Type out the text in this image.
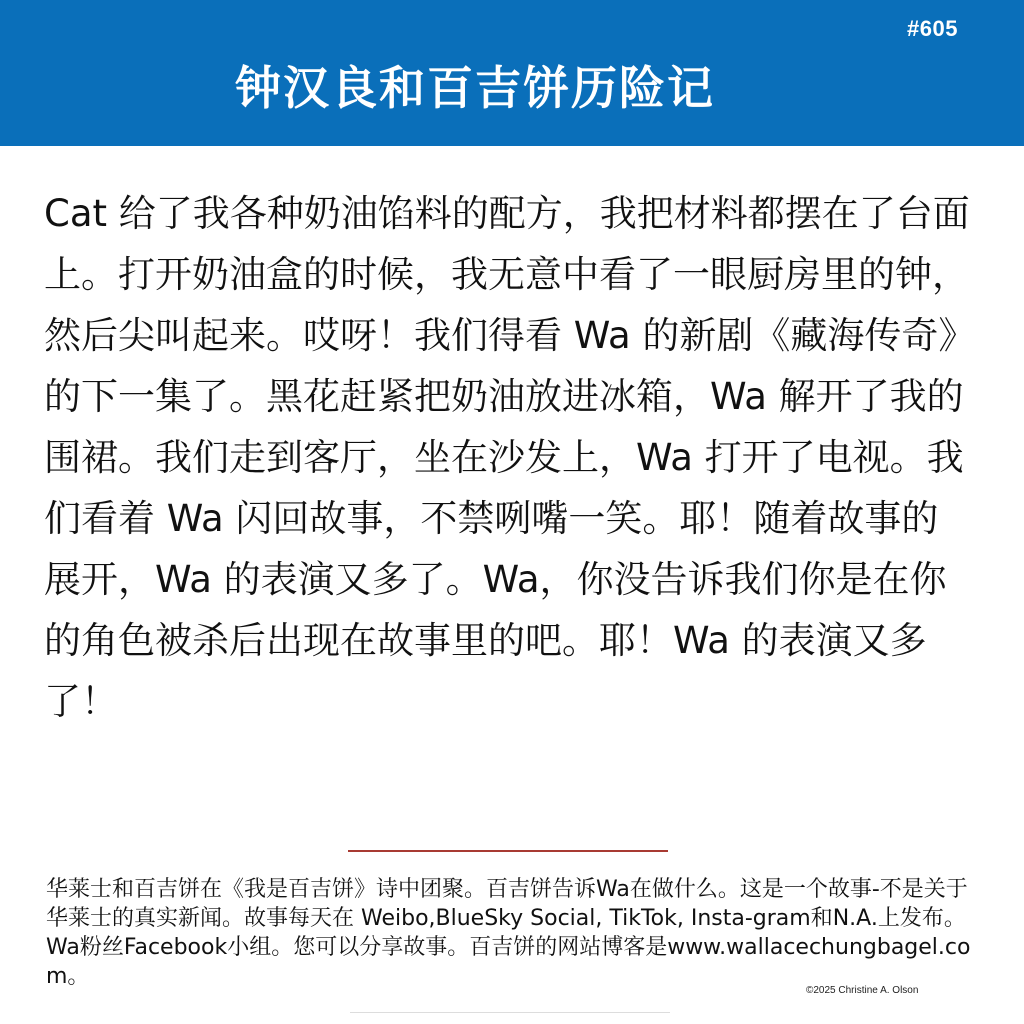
#605
钟汉良和百吉饼历险记

Cat 给了我各种奶油馅料的配方，我把材料都摆在了台面上。打开奶油盒的时候，我无意中看了一眼厨房里的钟，然后尖叫起来。哎呀！我们得看 Wa 的新剧《藏海传奇》的下一集了。黑花赶紧把奶油放进冰箱，Wa 解开了我的围裙。我们走到客厅，坐在沙发上，Wa 打开了电视。我们看着 Wa 闪回故事，不禁咧嘴一笑。耶！随着故事的展开，Wa 的表演又多了。Wa，你没告诉我们你是在你的角色被杀后出现在故事里的吧。耶！Wa 的表演又多了！

华莱士和百吉饼在《我是百吉饼》诗中团聚。百吉饼告诉Wa在做什么。这是一个故事-不是关于华莱士的真实新闻。故事每天在 Weibo,BlueSky Social, TikTok, Insta-gram和N.A.上发布。Wa粉丝Facebook小组。您可以分享故事。百吉饼的网站博客是www.wallacechungbagel.com。

©2025 Christine A. Olson
